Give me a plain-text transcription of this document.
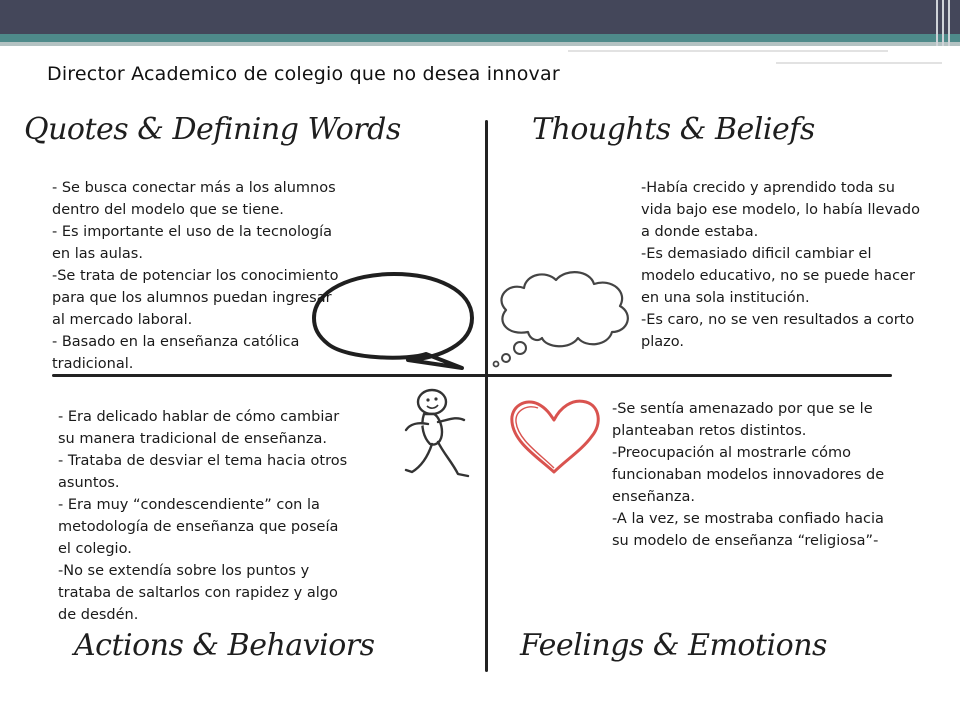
Director Academico de colegio que no desea innovar
Quotes & Defining Words	Thoughts & Beliefs
Actions & Behaviors	Feelings & Emotions

- Se busca conectar más a los alumnos

dentro del modelo que se tiene.

- Es importante el uso de la tecnología

en las aulas.

-Se trata de potenciar los conocimiento

para que los alumnos puedan ingresar

al mercado laboral.

- Basado en la enseñanza católica

tradicional.

-Había crecido y aprendido toda su

vida bajo ese modelo, lo había llevado

a donde estaba.

-Es demasiado dificil cambiar el

modelo educativo, no se puede hacer

en una sola institución.

-Es caro, no se ven resultados a corto

plazo.

- Era delicado hablar de cómo cambiar

su manera tradicional de enseñanza.

- Trataba de desviar el tema hacia otros

asuntos.

- Era muy “condescendiente” con la

metodología de enseñanza que poseía

el colegio.

-No se extendía sobre los puntos y

trataba de saltarlos con rapidez y algo

de desdén.

-Se sentía amenazado por que se le

planteaban retos distintos.

-Preocupación al mostrarle cómo

funcionaban modelos innovadores de

enseñanza.

-A la vez, se mostraba confiado hacia

su modelo de enseñanza “religiosa”-
